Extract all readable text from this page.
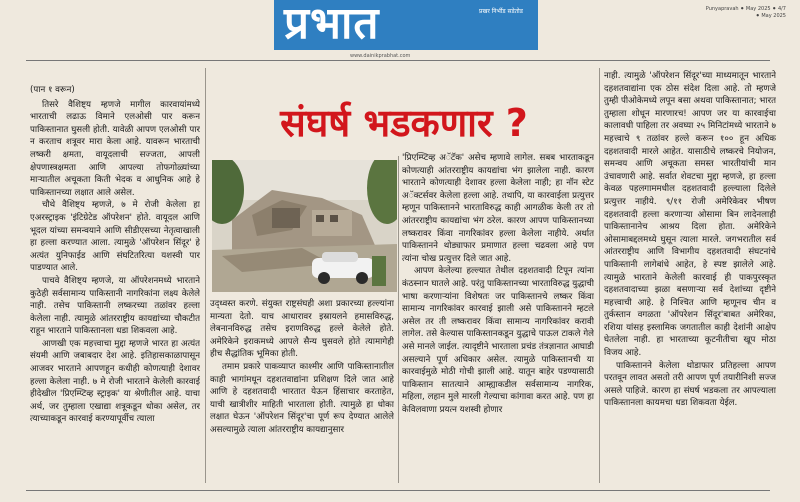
प्रभात	प्रखर निर्भीड सडेतोड
www.dainikprabhat.com
Punyapravah ⚫ May 2025 ⚫ 4/7
⚫ May 2025
संघर्ष भडकणार ?
(पान १ वरून)

तिसरे वैशिष्ट्य म्हणजे मागील कारवायांमध्ये भारताची लढाऊ विमाने एलओसी पार करून पाकिस्तानात घुसली होती. यावेळी आपण एलओसी पार न करताच शत्रूवर मारा केला आहे. यावरून भारताची लष्करी क्षमता, वायूदलाची सज्जता, आपली क्षेपणास्त्रक्षमता आणि आपल्या तोफगोळ्यांच्या माऱ्यातील अचूकता किती भेदक व आधुनिक आहे हे पाकिस्तानच्या लक्षात आले असेल.

चौथे वैशिष्ट्य म्हणजे, ७ मे रोजी केलेला हा एअरस्ट्राइक 'इंटिग्रेटेड ऑपरेशन' होते. वायूदल आणि भूदल यांच्या समन्वयाने आणि सीडीएसच्या नेतृत्वाखाली हा हल्ला करण्यात आला. त्यामुळे 'ऑपरेशन सिंदूर' हे अत्यंत युनिफाईड आणि संघटितरित्या यशस्वी पार पाडण्यात आले.

पाचवे वैशिष्ट्य म्हणजे, या ऑपरेशनमध्ये भारताने कुठेही सर्वसामान्य पाकिस्तानी नागरिकांना लक्ष्य केलेले नाही. तसेच पाकिस्तानी लष्करच्या तळांवर हल्ला केलेला नाही. त्यामुळे आंतरराष्ट्रीय कायद्यांच्या चौकटीत राहून भारताने पाकिस्तानला धडा शिकवला आहे.

आणखी एक महत्त्वाचा मुद्दा म्हणजे भारत हा अत्यंत संयमी आणि जबाबदार देश आहे. इतिहासकाळापासून आजवर भारताने आपणहून कधीही कोणत्याही देशावर हल्ला केलेला नाही. ७ मे रोजी भारताने केलेली कारवाई हीदेखील 'प्रिएम्प्टिव्ह स्ट्राइक' या श्रेणीतील आहे. याचा अर्थ, जर तुम्हाला एखाद्या शत्रूकडून धोका असेल, तर त्याच्याकडून कारवाई करण्यापूर्वीच त्याला

उद्ध्वस्त करणे. संयुक्त राष्ट्रसंघही अशा प्रकारच्या हल्ल्यांना मान्यता देतो. याच आधारावर इस्रायलने हमासविरुद्ध, लेबनानविरुद्ध तसेच इराणविरुद्ध हल्ले केलेले होते. अमेरिकेने इराकमध्ये आपले सैन्य घुसवले होते त्यामागेही हीच सैद्धांतिक भूमिका होती.

तमाम प्रकारे पाकव्याप्त काश्मीर आणि पाकिस्तानातील काही भागांमधून दहशतवाद्यांना प्रशिक्षण दिले जात आहे आणि हे दहशतवादी भारतात येऊन हिंसाचार करताहेत, याची खात्रीशीर माहिती भारताला होती. त्यामुळे हा धोका लक्षात घेऊन 'ऑपरेशन सिंदूर'चा पूर्ण रूप देण्यात आलेले असल्यामुळे त्याला आंतरराष्ट्रीय कायद्यानुसार

'प्रिएम्प्टिव्ह अॅटॅक' असेच म्हणावे लागेल. सबब भारताकडून कोणत्याही आंतरराष्ट्रीय कायद्यांचा भंग झालेला नाही. कारण भारताने कोणत्याही देशावर हल्ला केलेला नाही; हा नॉन स्टेट अॅक्टर्सवर केलेला हल्ला आहे. तथापि, या कारवाईला प्रत्युत्तर म्हणून पाकिस्तानने भारताविरुद्ध काही आगळीक केली तर तो आंतरराष्ट्रीय कायद्यांचा भंग ठरेल. कारण आपण पाकिस्तानच्या लष्करावर किंवा नागरिकांवर हल्ला केलेला नाहीये. अर्थात पाकिस्तानने थोड्याफार प्रमाणात हल्ला चढवला आहे पण त्यांना चोख प्रत्युत्तर दिले जात आहे.

आपण केलेल्या हल्ल्यात तेथील दहशतवादी टिपून त्यांना कंठस्नान घातले आहे. परंतु पाकिस्तानच्या भारताविरुद्ध युद्धाची भाषा करणाऱ्यांना विशेषतः जर पाकिस्तानचे लष्कर किंवा सामान्य नागरिकांवर कारवाई झाली असे पाकिस्तानने म्हटले असेल तर ती लष्करावर किंवा सामान्य नागरिकांवर करावी लागेल. तसे केल्यास पाकिस्तानकडून युद्धाचे पाऊल टाकले गेले असे मानले जाईल. त्यादृष्टीने भारताला प्रचंड तंत्रज्ञानात आघाडी असल्याने पूर्ण अधिकार असेल. त्यामुळे पाकिस्तानची या कारवाईमुळे मोठी गोची झाली आहे. यातून बाहेर पडण्यासाठी पाकिस्तान सातत्याने आम्ह्याकडील सर्वसामान्य नागरिक, महिला, लहान मुले मारली गेल्याचा कांगावा करत आहे. पण हा केविलवाणा प्रयत्न यशस्वी होणार

नाही. त्यामुळे 'ऑपरेशन सिंदूर'च्या माध्यमातून भारताने दहशतवाद्यांना एक ठोस संदेश दिला आहे. तो म्हणजे तुम्ही पीओकेमध्ये लपून बसा अथवा पाकिस्तानात; भारत तुम्हाला शोधून मारणारच! आपण जर या कारवाईचा कालावधी पाहिला तर अवघ्या २५ मिनिटांमध्ये भारताने ७ महत्त्वाचे ९ तळांवर हल्ले करून १०० हून अधिक दहशतवादी मारले आहेत. यासाठीचे लष्करचे नियोजन, समन्वय आणि अचूकता समस्त भारतीयांची मान उंचावणारी आहे. सर्वात शेवटचा मुद्दा म्हणजे, हा हल्ला केवळ पहलगाममधील दहशतवादी हल्ल्याला दिलेले प्रत्युत्तर नाहीये. ९/११ रोजी अमेरिकेवर भीषण दहशतवादी हल्ला करणाऱ्या ओसामा बिन लादेनलाही पाकिस्तानानेच आश्रय दिला होता. अमेरिकेने ओसामाबद्दलमध्ये घुसून त्याला मारले. जगभरातील सर्व आंतरराष्ट्रीय आणि विभागीय दहशतवादी संघटनांचे पाकिस्तानी लागेबांधे आहेत, हे स्पष्ट झालेले आहे. त्यामुळे भारताने केलेली कारवाई ही पाकपुरस्कृत दहशतवादाच्या झळा बसणाऱ्या सर्व देशांच्या दृष्टीने महत्त्वाची आहे. हे निश्चित आणि म्हणूनच चीन व तुर्कस्तान वगळता 'ऑपरेशन सिंदूर'बाबत अमेरिका, रशिया यांसह इस्लामिक जगतातील काही देशांनी आक्षेप घेतलेला नाही. हा भारताच्या कूटनीतीचा खूप मोठा विजय आहे.

पाकिस्तानने केलेला थोडाफार प्रतिहल्ला आपण परतवून लावत असतो तरी आपण पूर्ण तयारीनिशी सज्ज असले पाहिजे. कारण हा संघर्ष भडकला तर आपल्याला पाकिस्तानला कायमचा धडा शिकवता येईल.
